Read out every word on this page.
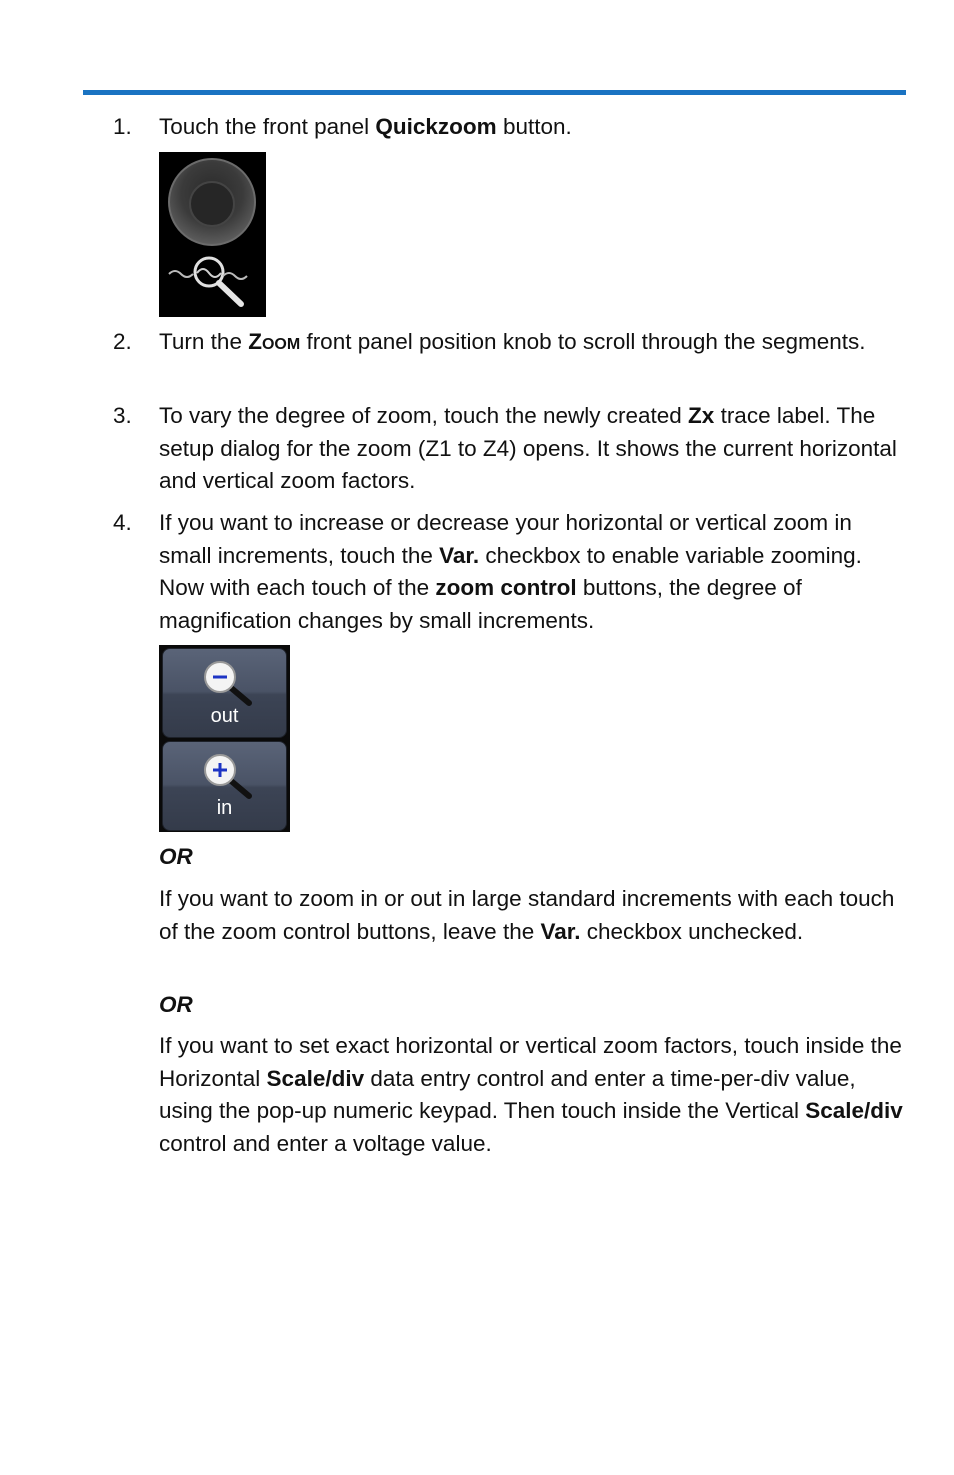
1. Touch the front panel Quickzoom button.
2. Turn the Zoom front panel position knob to scroll through the segments.
3. To vary the degree of zoom, touch the newly created Zx trace label. The setup dialog for the zoom (Z1 to Z4) opens. It shows the current horizontal and vertical zoom factors.
4. If you want to increase or decrease your horizontal or vertical zoom in small increments, touch the Var. checkbox to enable variable zooming. Now with each touch of the zoom control buttons, the degree of magnification changes by small increments.
out
in
OR
If you want to zoom in or out in large standard increments with each touch of the zoom control buttons, leave the Var. checkbox unchecked.
OR
If you want to set exact horizontal or vertical zoom factors, touch inside the Horizontal Scale/div data entry control and enter a time-per-div value, using the pop-up numeric keypad. Then touch inside the Vertical Scale/div control and enter a voltage value.
